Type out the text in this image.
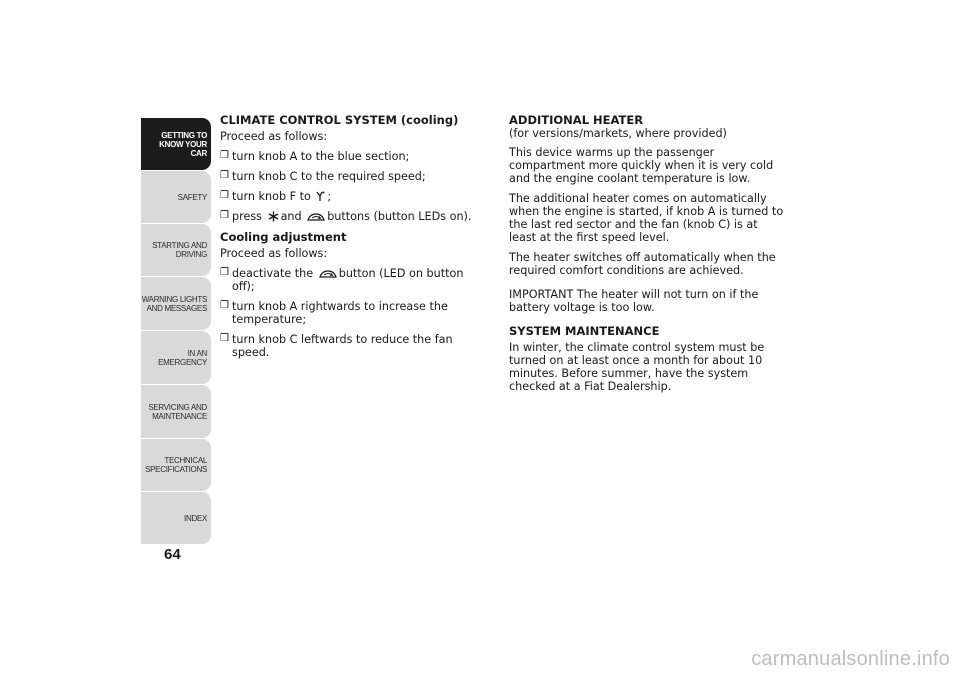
GETTING TO
KNOW YOUR CAR
SAFETY
STARTING AND
DRIVING
WARNING LIGHTS
AND MESSAGES
IN AN EMERGENCY
SERVICING AND
MAINTENANCE
TECHNICAL
SPECIFICATIONS
INDEX
64
CLIMATE CONTROL SYSTEM (cooling)
Proceed as follows:
❒ turn knob A to the blue section;
❒ turn knob C to the required speed;
❒ turn knob F to ;
❒ press and buttons (button LEDs on).
Cooling adjustment
Proceed as follows:
❒ deactivate the button (LED on button off);
❒ turn knob A rightwards to increase the temperature;
❒ turn knob C leftwards to reduce the fan speed.
ADDITIONAL HEATER
(for versions/markets, where provided)
This device warms up the passenger compartment more quickly when it is very cold and the engine coolant temperature is low.
The additional heater comes on automatically when the engine is started, if knob A is turned to the last red sector and the fan (knob C) is at least at the first speed level.
The heater switches off automatically when the required comfort conditions are achieved.
IMPORTANT The heater will not turn on if the battery voltage is too low.
SYSTEM MAINTENANCE
In winter, the climate control system must be turned on at least once a month for about 10 minutes. Before summer, have the system checked at a Fiat Dealership.
carmanualsonline.info
